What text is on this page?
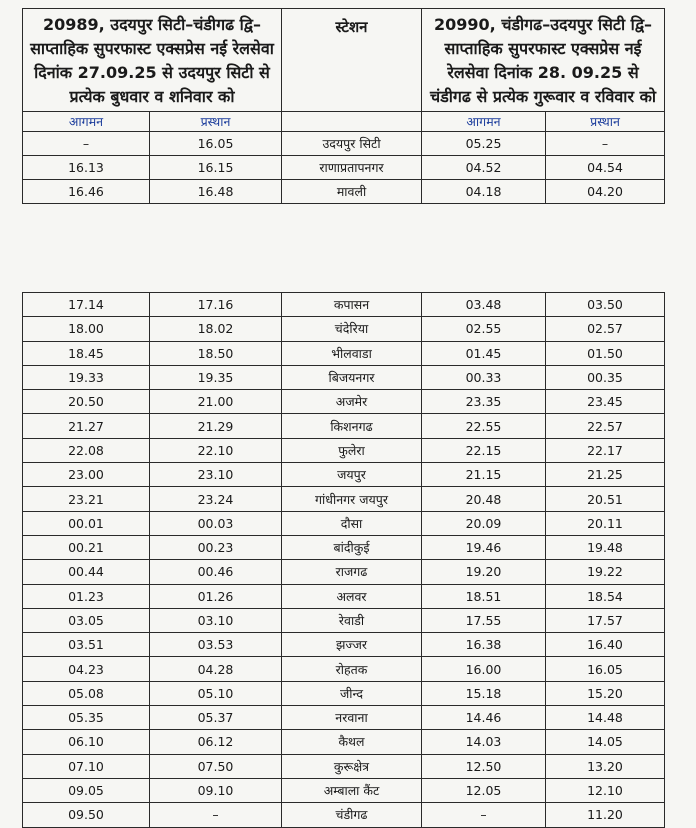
20989, उदयपुर सिटी–चंडीगढ द्वि–साप्ताहिक सुपरफास्ट एक्सप्रेस नई रेलसेवा दिनांक 27.09.25 से उदयपुर सिटी से प्रत्येक बुधवार व शनिवार को		स्टेशन	20990, चंडीगढ–उदयपुर सिटी द्वि–साप्ताहिक सुपरफास्ट एक्सप्रेस नई रेलसेवा दिनांक 28. 09.25 से चंडीगढ से प्रत्येक गुरूवार व रविवार को	
आगमन	प्रस्थान		आगमन	प्रस्थान
–	16.05	उदयपुर सिटी	05.25	–
16.13	16.15	राणाप्रतापनगर	04.52	04.54
16.46	16.48	मावली	04.18	04.20
17.14	17.16	कपासन	03.48	03.50
18.00	18.02	चंदेरिया	02.55	02.57
18.45	18.50	भीलवाडा	01.45	01.50
19.33	19.35	बिजयनगर	00.33	00.35
20.50	21.00	अजमेर	23.35	23.45
21.27	21.29	किशनगढ	22.55	22.57
22.08	22.10	फुलेरा	22.15	22.17
23.00	23.10	जयपुर	21.15	21.25
23.21	23.24	गांधीनगर जयपुर	20.48	20.51
00.01	00.03	दौसा	20.09	20.11
00.21	00.23	बांदीकुई	19.46	19.48
00.44	00.46	राजगढ	19.20	19.22
01.23	01.26	अलवर	18.51	18.54
03.05	03.10	रेवाडी	17.55	17.57
03.51	03.53	झज्जर	16.38	16.40
04.23	04.28	रोहतक	16.00	16.05
05.08	05.10	जीन्द	15.18	15.20
05.35	05.37	नरवाना	14.46	14.48
06.10	06.12	कैथल	14.03	14.05
07.10	07.50	कुरूक्षेत्र	12.50	13.20
09.05	09.10	अम्बाला कैंट	12.05	12.10
09.50	–	चंडीगढ	–	11.20
